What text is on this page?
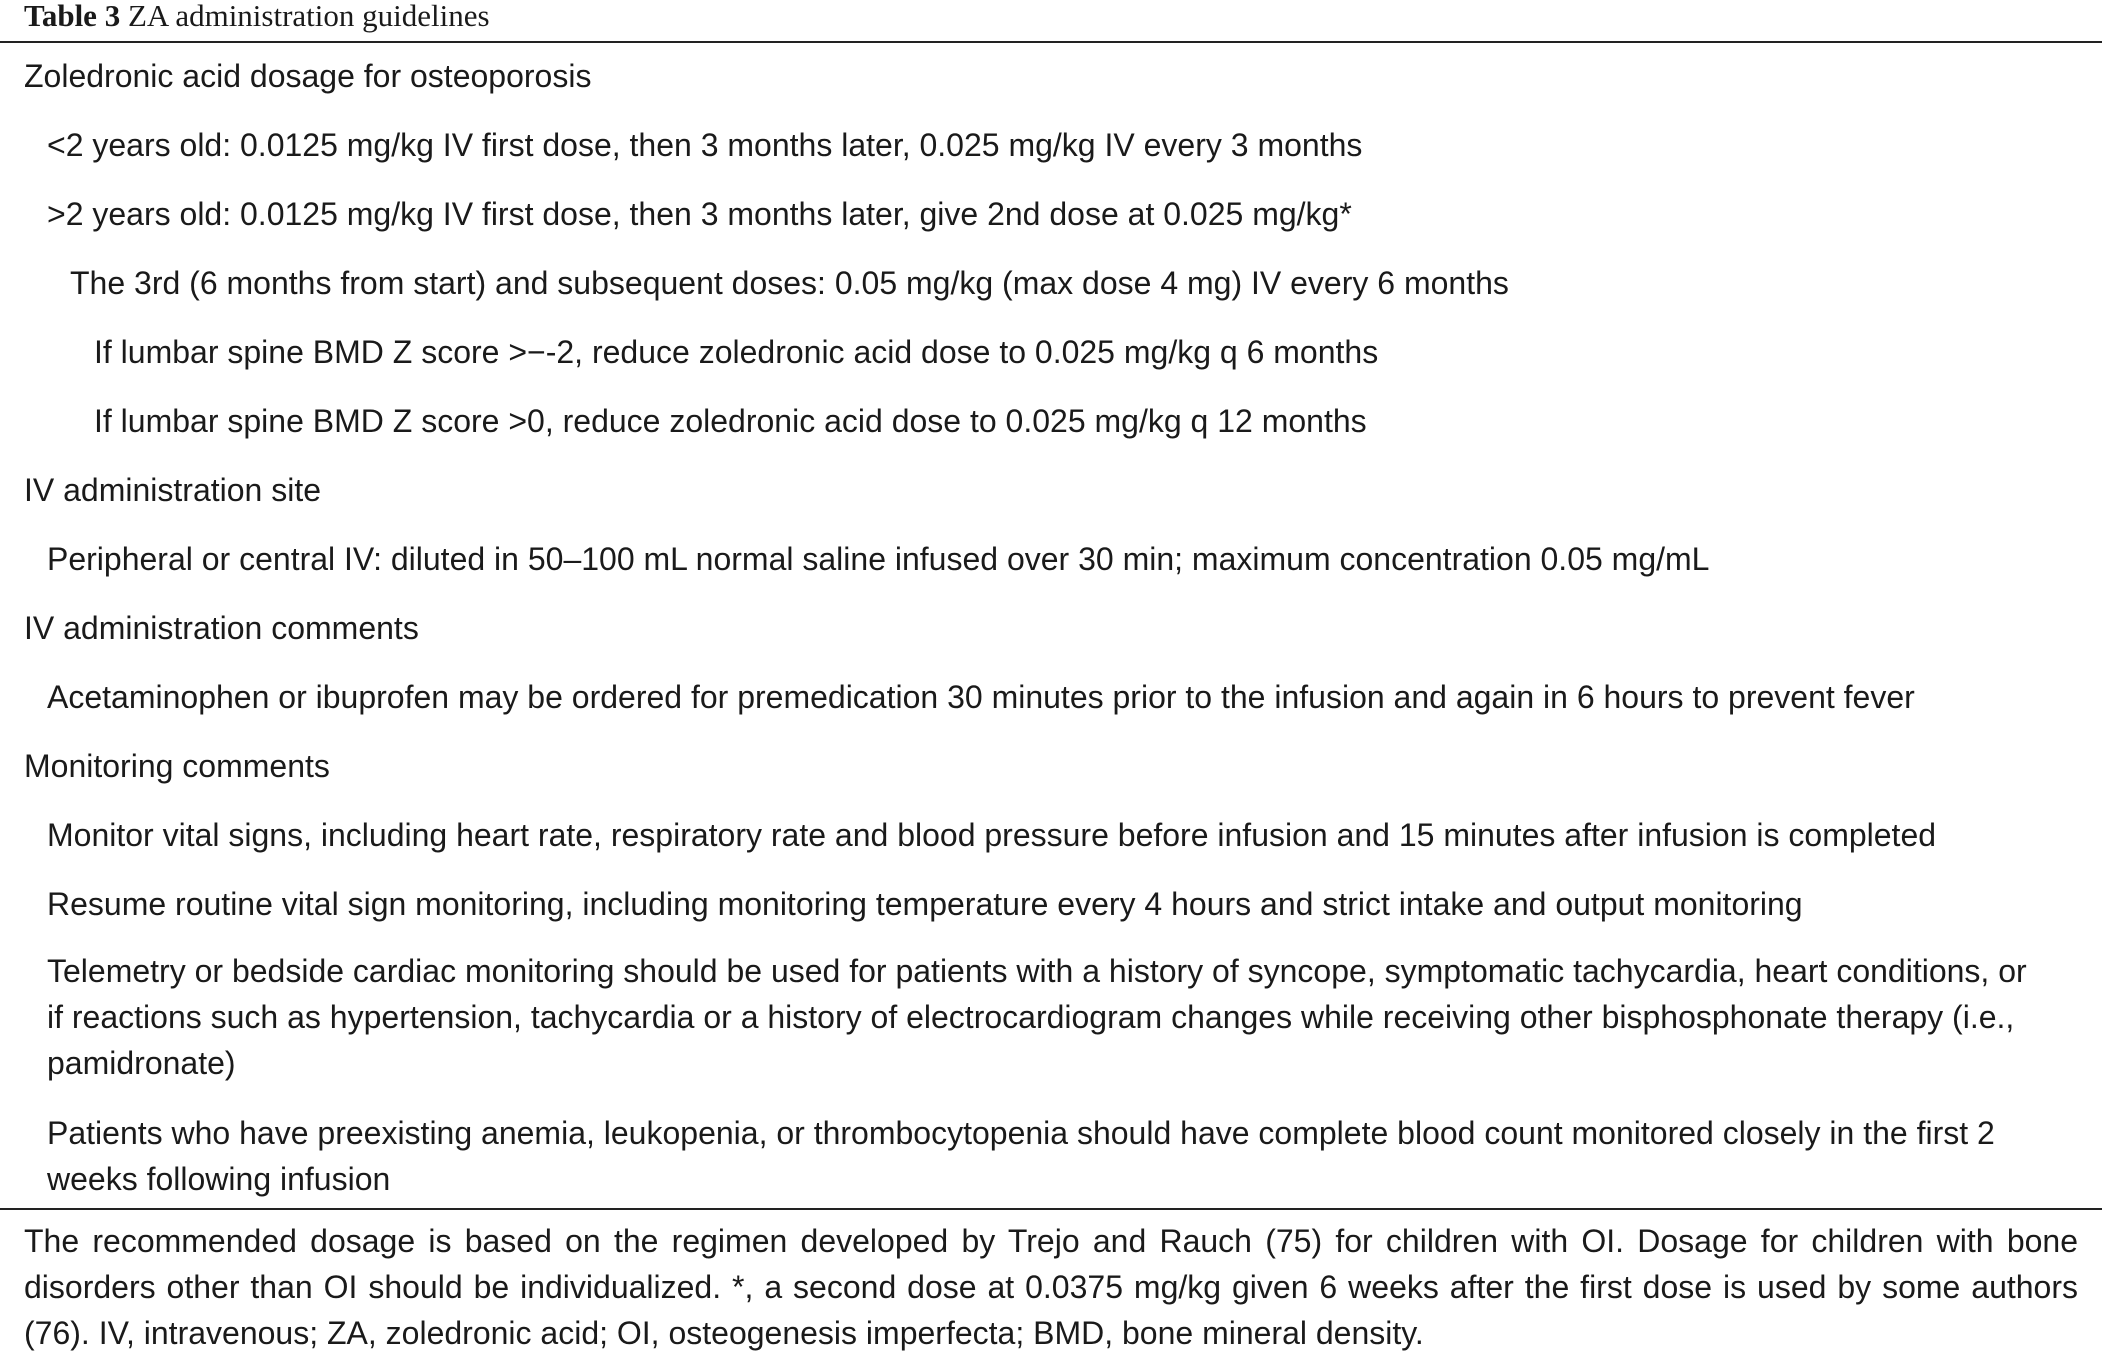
Table 3 ZA administration guidelines
Zoledronic acid dosage for osteoporosis
<2 years old: 0.0125 mg/kg IV first dose, then 3 months later, 0.025 mg/kg IV every 3 months
>2 years old: 0.0125 mg/kg IV first dose, then 3 months later, give 2nd dose at 0.025 mg/kg*
The 3rd (6 months from start) and subsequent doses: 0.05 mg/kg (max dose 4 mg) IV every 6 months
If lumbar spine BMD Z score >−-2, reduce zoledronic acid dose to 0.025 mg/kg q 6 months
If lumbar spine BMD Z score >0, reduce zoledronic acid dose to 0.025 mg/kg q 12 months
IV administration site
Peripheral or central IV: diluted in 50–100 mL normal saline infused over 30 min; maximum concentration 0.05 mg/mL
IV administration comments
Acetaminophen or ibuprofen may be ordered for premedication 30 minutes prior to the infusion and again in 6 hours to prevent fever
Monitoring comments
Monitor vital signs, including heart rate, respiratory rate and blood pressure before infusion and 15 minutes after infusion is completed
Resume routine vital sign monitoring, including monitoring temperature every 4 hours and strict intake and output monitoring
Telemetry or bedside cardiac monitoring should be used for patients with a history of syncope, symptomatic tachycardia, heart conditions, or if reactions such as hypertension, tachycardia or a history of electrocardiogram changes while receiving other bisphosphonate therapy (i.e., pamidronate)
Patients who have preexisting anemia, leukopenia, or thrombocytopenia should have complete blood count monitored closely in the first 2 weeks following infusion
The recommended dosage is based on the regimen developed by Trejo and Rauch (75) for children with OI. Dosage for children with bone disorders other than OI should be individualized. *, a second dose at 0.0375 mg/kg given 6 weeks after the first dose is used by some authors (76). IV, intravenous; ZA, zoledronic acid; OI, osteogenesis imperfecta; BMD, bone mineral density.
